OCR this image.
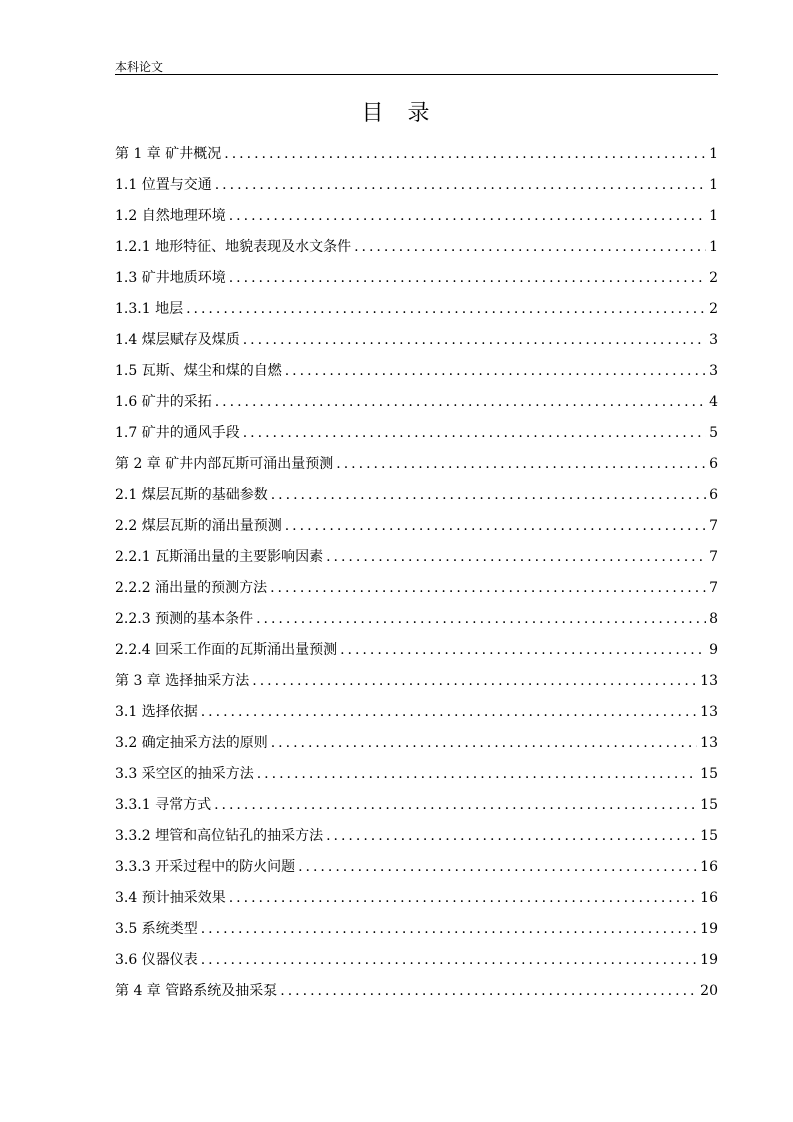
本科论文
目 录
第 1 章 矿井概况 .....	1
1.1 位置与交通 .....	1
1.2 自然地理环境 .....	1
1.2.1 地形特征、地貌表现及水文条件 .....	1
1.3 矿井地质环境 .....	2
1.3.1 地层 .....	2
1.4 煤层赋存及煤质 .....	3
1.5 瓦斯、煤尘和煤的自燃 .....	3
1.6 矿井的采拓 .....	4
1.7 矿井的通风手段 .....	5
第 2 章 矿井内部瓦斯可涌出量预测 .....	6
2.1 煤层瓦斯的基础参数 .....	6
2.2 煤层瓦斯的涌出量预测 .....	7
2.2.1 瓦斯涌出量的主要影响因素 .....	7
2.2.2 涌出量的预测方法 .....	7
2.2.3 预测的基本条件 .....	8
2.2.4 回采工作面的瓦斯涌出量预测 .....	9
第 3 章 选择抽采方法 .....	13
3.1 选择依据 .....	13
3.2 确定抽采方法的原则 .....	13
3.3 采空区的抽采方法 .....	15
3.3.1 寻常方式 .....	15
3.3.2 埋管和高位钻孔的抽采方法 .....	15
3.3.3 开采过程中的防火问题 .....	16
3.4 预计抽采效果 .....	16
3.5 系统类型 .....	19
3.6 仪器仪表 .....	19
第 4 章 管路系统及抽采泵 .....	20
